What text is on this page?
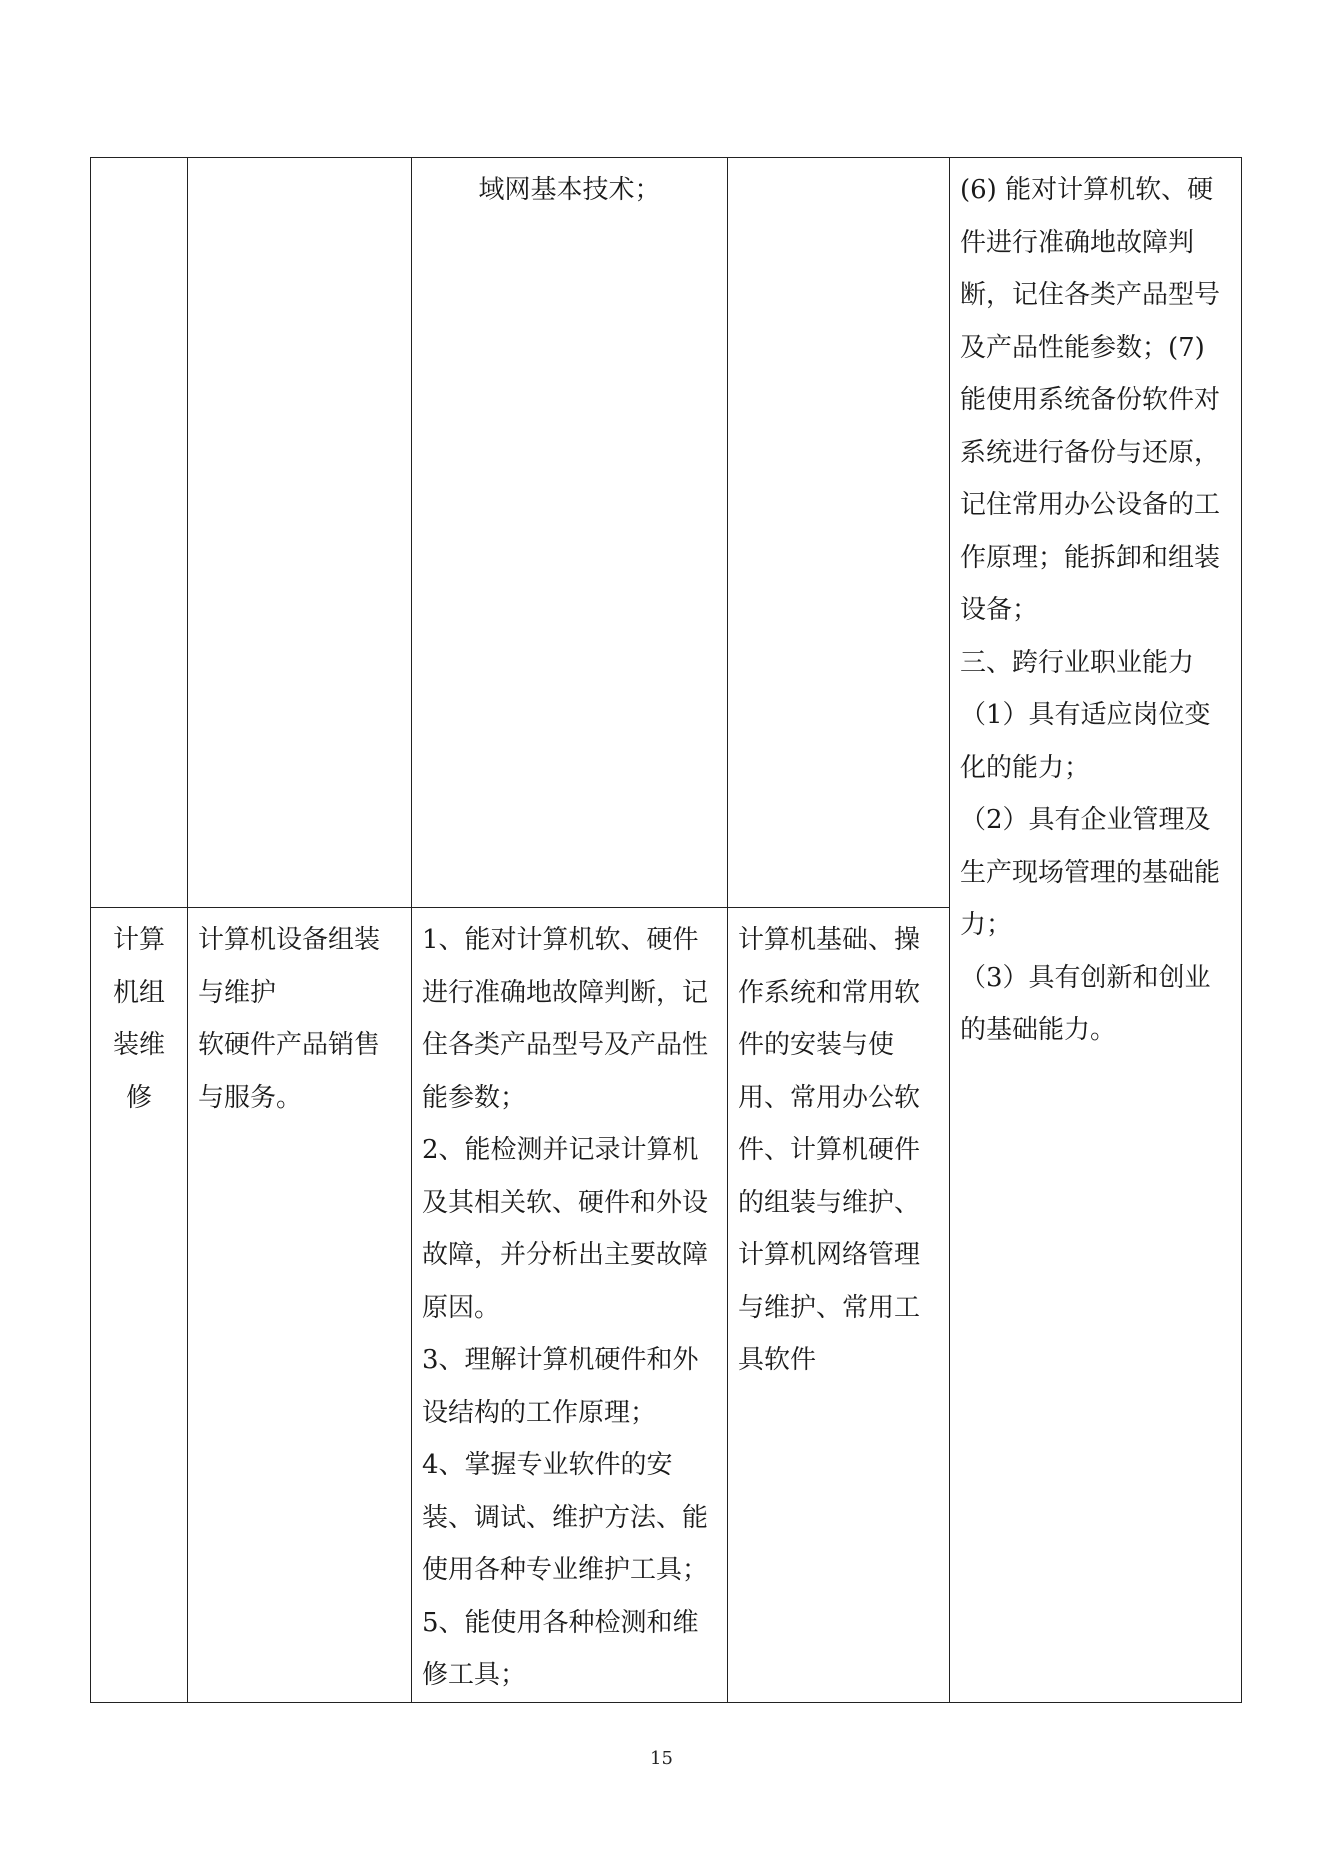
		域网基本技术；		(6) 能对计算机软、硬件进行准确地故障判断，记住各类产品型号及产品性能参数；(7) 能使用系统备份软件对系统进行备份与还原，记住常用办公设备的工作原理；能拆卸和组装设备；
三、跨行业职业能力
（1）具有适应岗位变化的能力；
（2）具有企业管理及生产现场管理的基础能力；
（3）具有创新和创业的基础能力。

计算机组装维修	计算机设备组装与维护
软硬件产品销售与服务。	1、能对计算机软、硬件进行准确地故障判断，记住各类产品型号及产品性能参数；
2、能检测并记录计算机及其相关软、硬件和外设故障，并分析出主要故障原因。
3、理解计算机硬件和外设结构的工作原理；
4、掌握专业软件的安装、调试、维护方法、能使用各种专业维护工具；
5、能使用各种检测和维修工具；	计算机基础、操作系统和常用软件的安装与使用、常用办公软件、计算机硬件的组装与维护、计算机网络管理与维护、常用工具软件	
15
